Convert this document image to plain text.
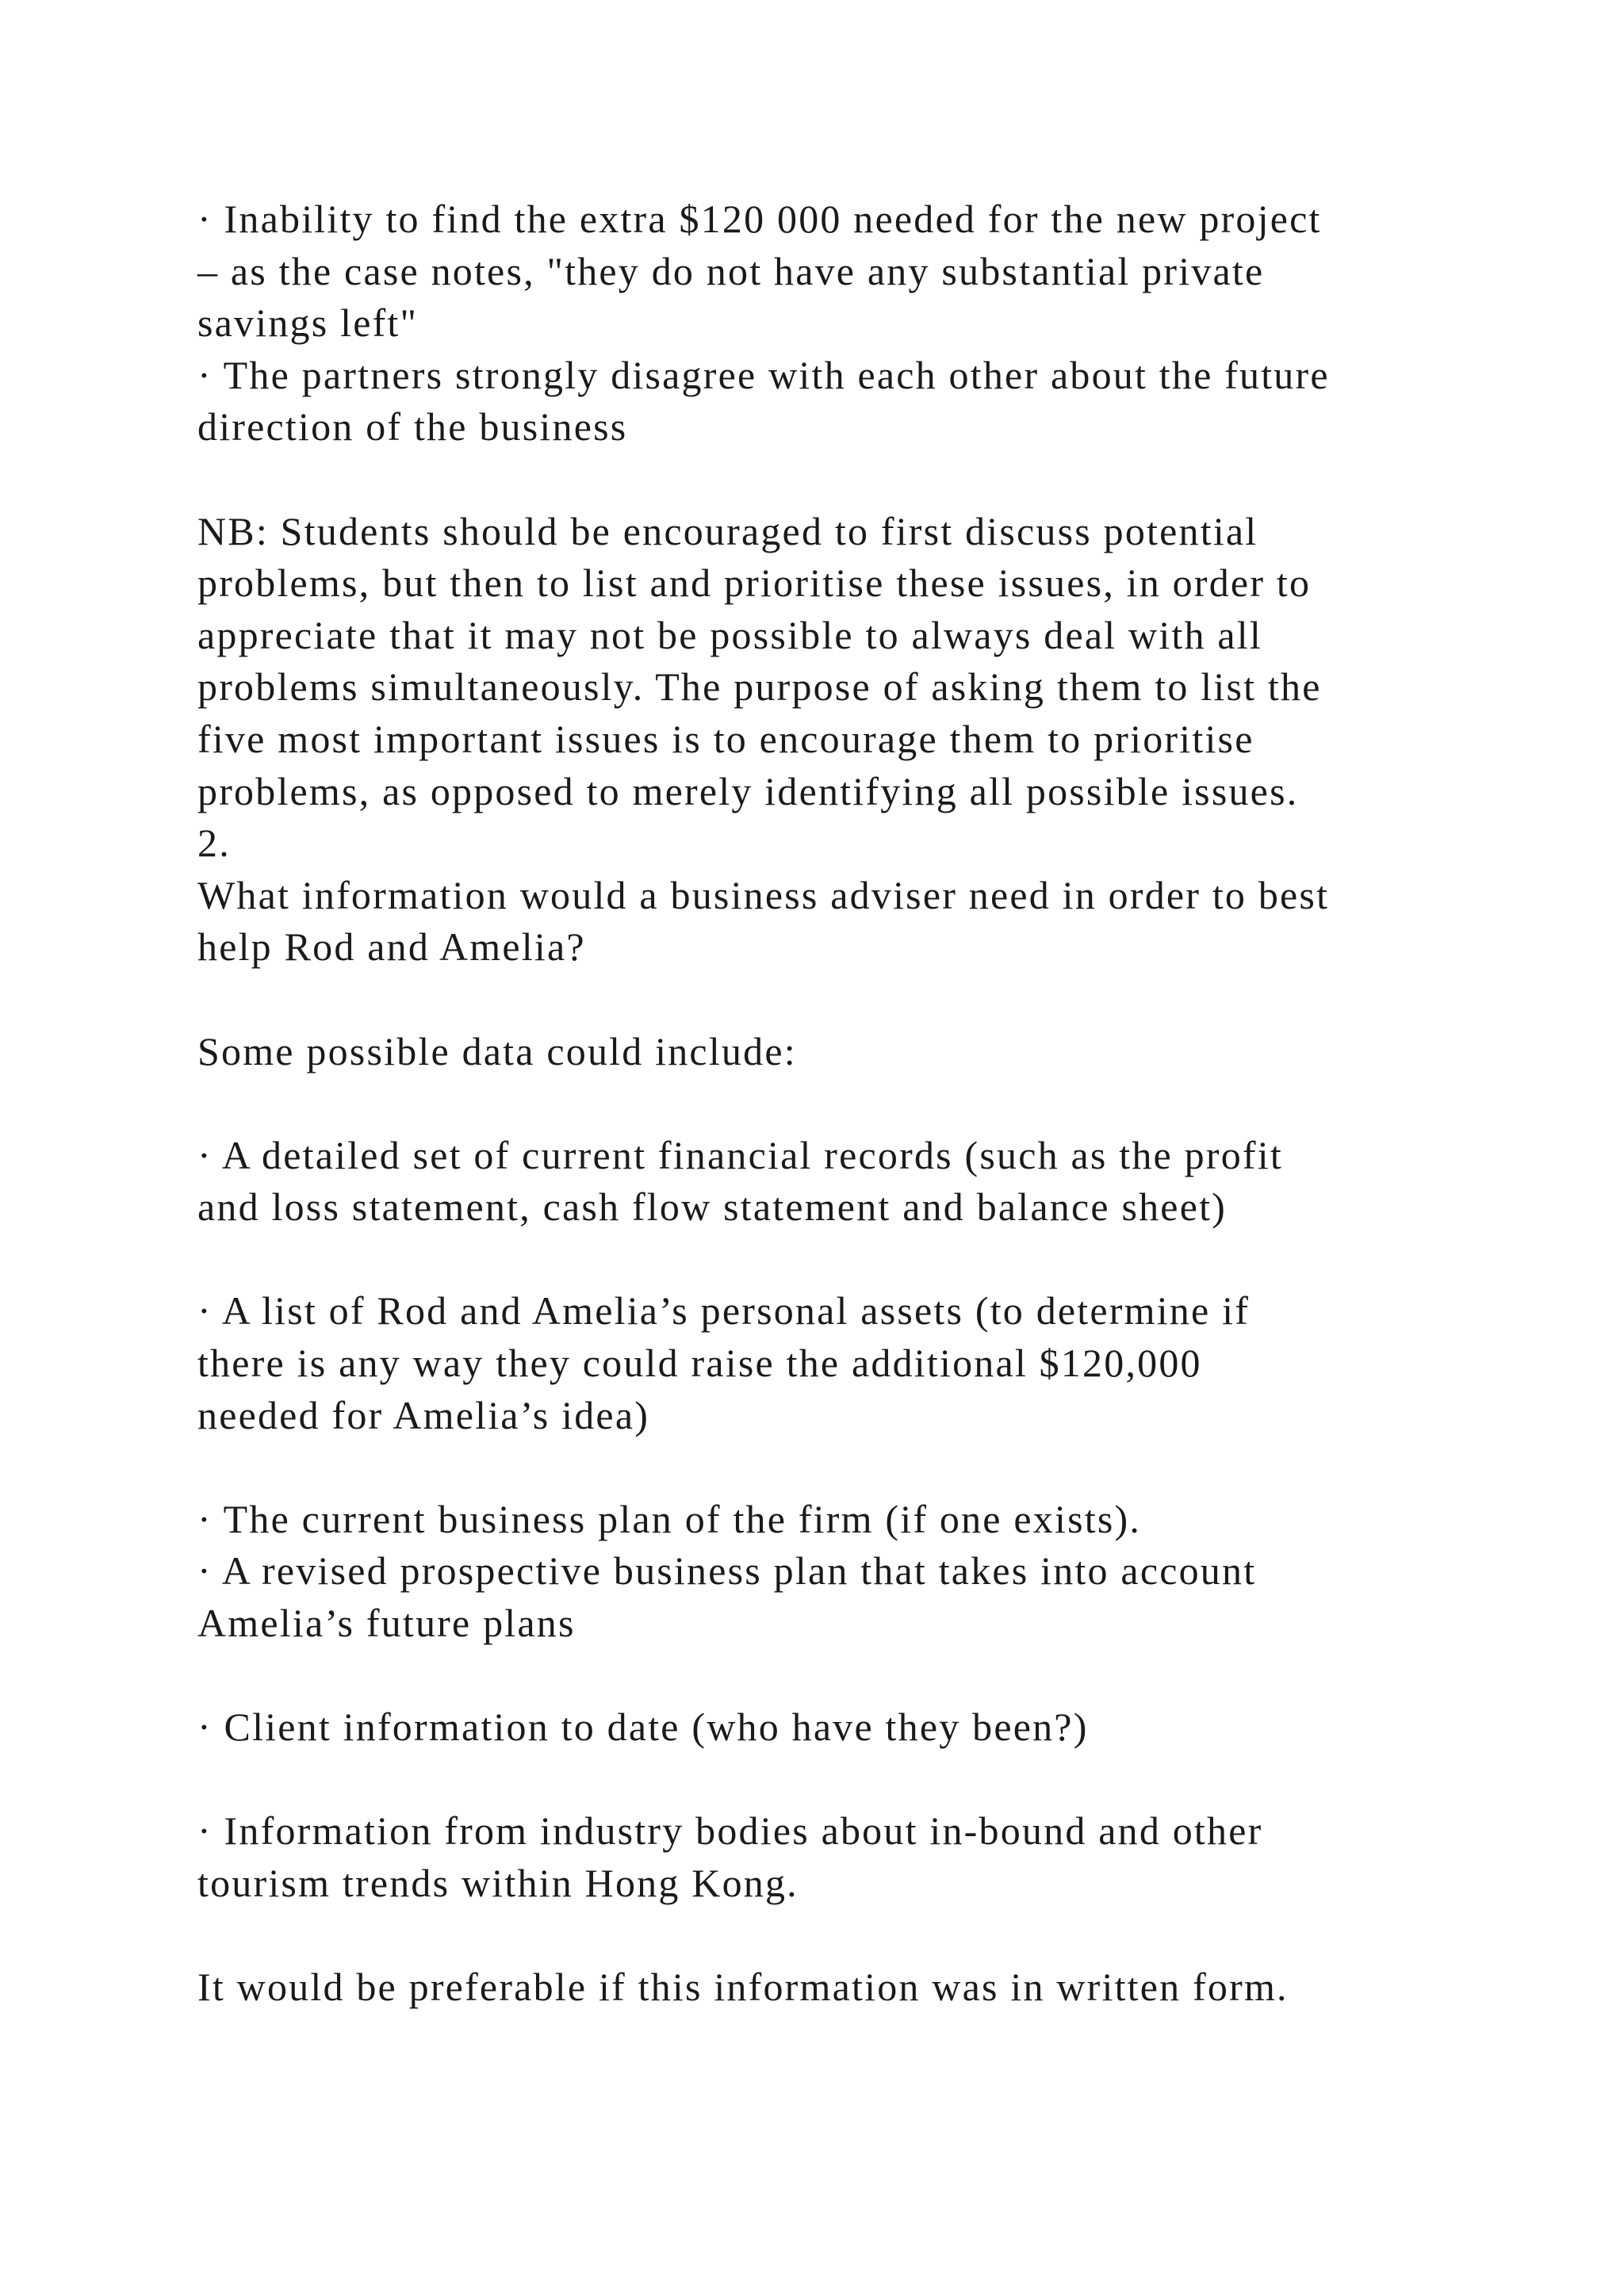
· Inability to find the extra $120 000 needed for the new project
– as the case notes, "they do not have any substantial private
savings left"
· The partners strongly disagree with each other about the future
direction of the business
NB: Students should be encouraged to first discuss potential
problems, but then to list and prioritise these issues, in order to
appreciate that it may not be possible to always deal with all
problems simultaneously. The purpose of asking them to list the
five most important issues is to encourage them to prioritise
problems, as opposed to merely identifying all possible issues.
2.
What information would a business adviser need in order to best
help Rod and Amelia?
Some possible data could include:
· A detailed set of current financial records (such as the profit
and loss statement, cash flow statement and balance sheet)
· A list of Rod and Amelia’s personal assets (to determine if
there is any way they could raise the additional $120,000
needed for Amelia’s idea)
· The current business plan of the firm (if one exists).
· A revised prospective business plan that takes into account
Amelia’s future plans
· Client information to date (who have they been?)
· Information from industry bodies about in-bound and other
tourism trends within Hong Kong.
It would be preferable if this information was in written form.
